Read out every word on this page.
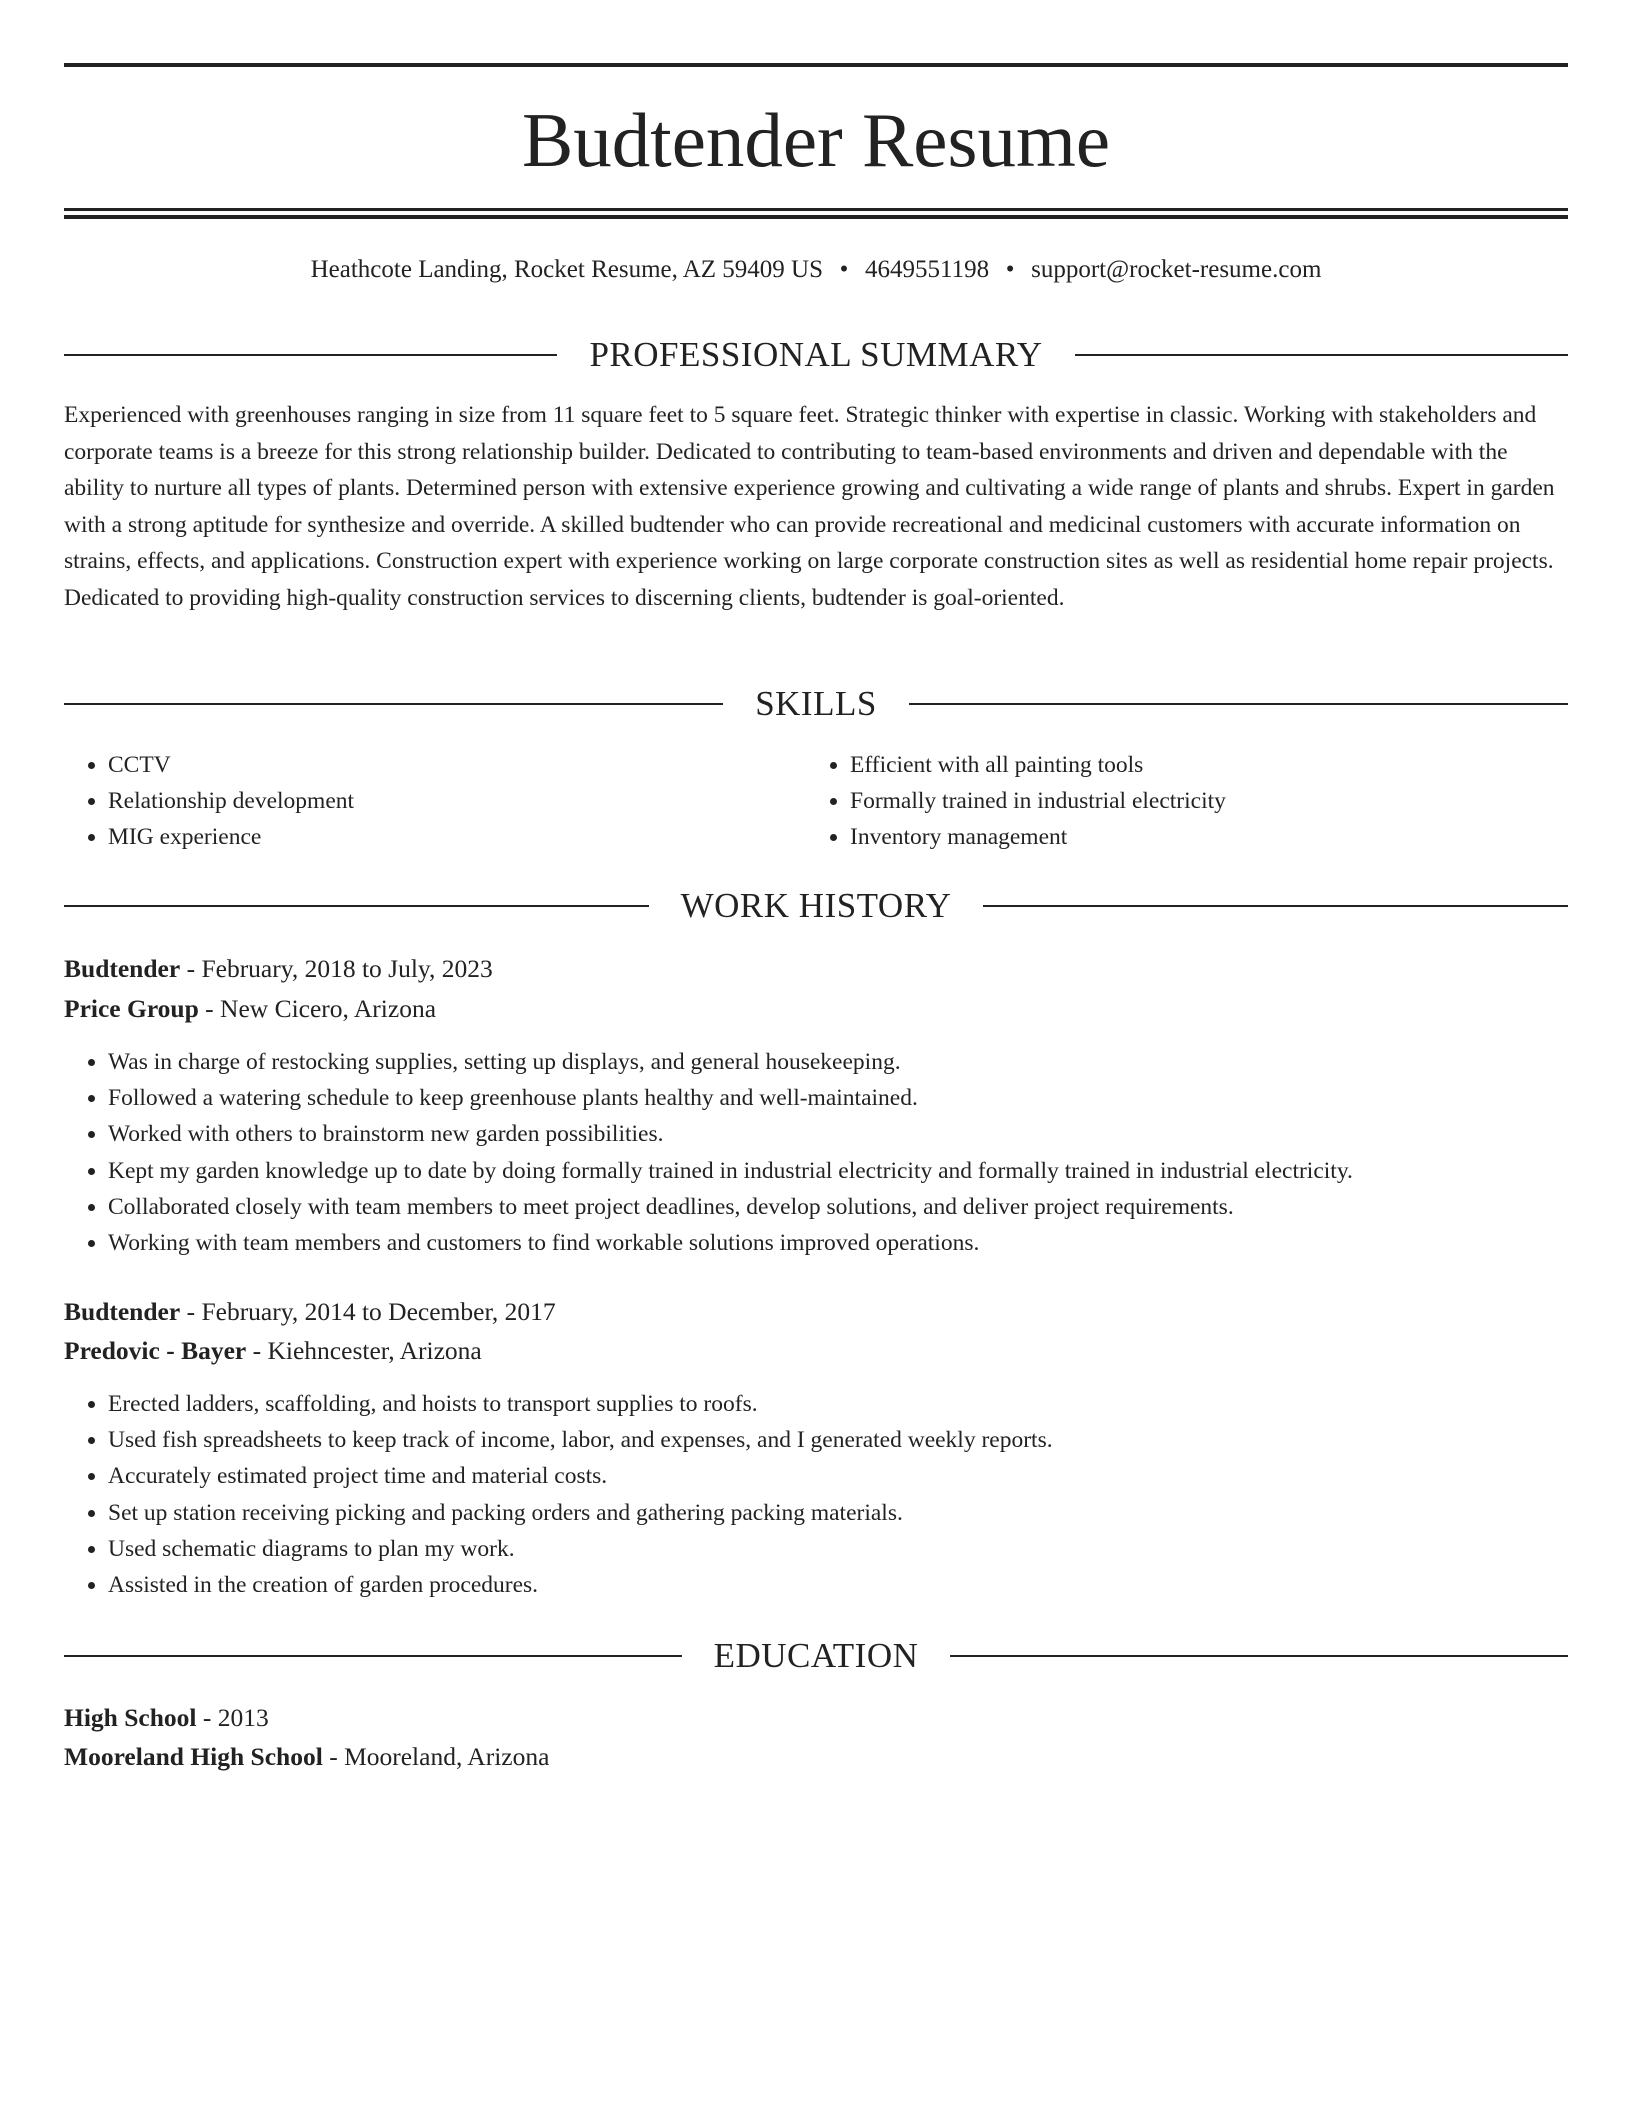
Budtender Resume
Heathcote Landing, Rocket Resume, AZ 59409 US • 4649551198 • support@rocket-resume.com
PROFESSIONAL SUMMARY

Experienced with greenhouses ranging in size from 11 square feet to 5 square feet. Strategic thinker with expertise in classic. Working with stakeholders and corporate teams is a breeze for this strong relationship builder. Dedicated to contributing to team-based environments and driven and dependable with the ability to nurture all types of plants. Determined person with extensive experience growing and cultivating a wide range of plants and shrubs. Expert in garden with a strong aptitude for synthesize and override. A skilled budtender who can provide recreational and medicinal customers with accurate information on strains, effects, and applications. Construction expert with experience working on large corporate construction sites as well as residential home repair projects. Dedicated to providing high-quality construction services to discerning clients, budtender is goal-oriented.

SKILLS
• CCTV
• Relationship development
• MIG experience
• Efficient with all painting tools
• Formally trained in industrial electricity
• Inventory management
WORK HISTORY
Budtender - February, 2018 to July, 2023
Price Group - New Cicero, Arizona
• Was in charge of restocking supplies, setting up displays, and general housekeeping.
• Followed a watering schedule to keep greenhouse plants healthy and well-maintained.
• Worked with others to brainstorm new garden possibilities.
• Kept my garden knowledge up to date by doing formally trained in industrial electricity and formally trained in industrial electricity.
• Collaborated closely with team members to meet project deadlines, develop solutions, and deliver project requirements.
• Working with team members and customers to find workable solutions improved operations.
Budtender - February, 2014 to December, 2017
Predovic - Bayer - Kiehncester, Arizona
• Erected ladders, scaffolding, and hoists to transport supplies to roofs.
• Used fish spreadsheets to keep track of income, labor, and expenses, and I generated weekly reports.
• Accurately estimated project time and material costs.
• Set up station receiving picking and packing orders and gathering packing materials.
• Used schematic diagrams to plan my work.
• Assisted in the creation of garden procedures.
EDUCATION
High School - 2013
Mooreland High School - Mooreland, Arizona
